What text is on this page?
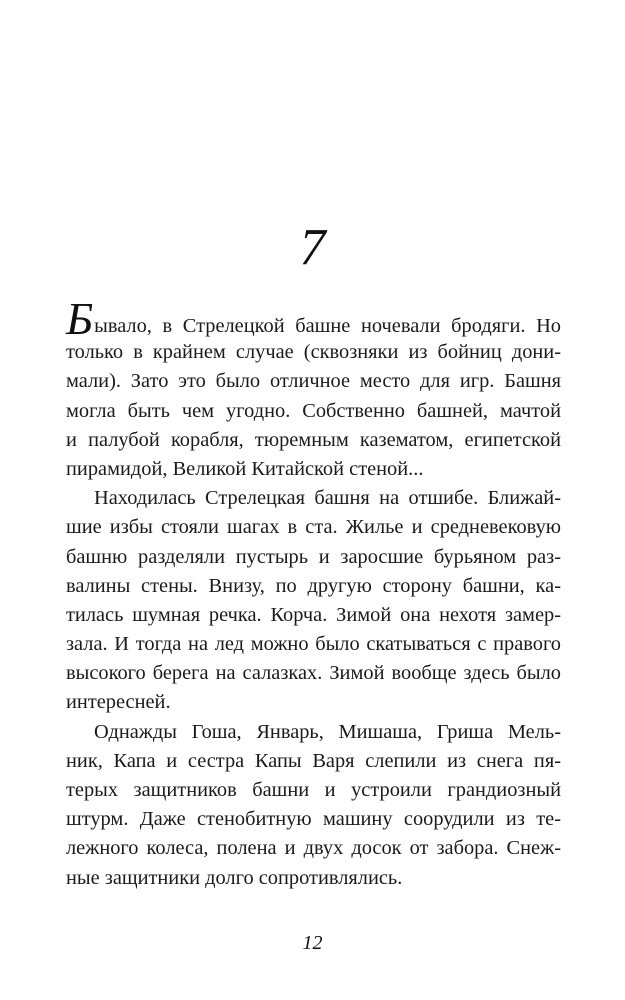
7
Бывало, в Стрелецкой башне ночевали бродяги. Но
только в крайнем случае (сквозняки из бойниц дони-
мали). Зато это было отличное место для игр. Башня
могла быть чем угодно. Собственно башней, мачтой
и палубой корабля, тюремным казематом, египетской
пирамидой, Великой Китайской стеной...
Находилась Стрелецкая башня на отшибе. Ближай-
шие избы стояли шагах в ста. Жилье и средневековую
башню разделяли пустырь и заросшие бурьяном раз-
валины стены. Внизу, по другую сторону башни, ка-
тилась шумная речка. Корча. Зимой она нехотя замер-
зала. И тогда на лед можно было скатываться с правого
высокого берега на салазках. Зимой вообще здесь было
интересней.
Однажды Гоша, Январь, Мишаша, Гриша Мель-
ник, Капа и сестра Капы Варя слепили из снега пя-
терых защитников башни и устроили грандиозный
штурм. Даже стенобитную машину соорудили из те-
лежного колеса, полена и двух досок от забора. Снеж-
ные защитники долго сопротивлялись.
12
